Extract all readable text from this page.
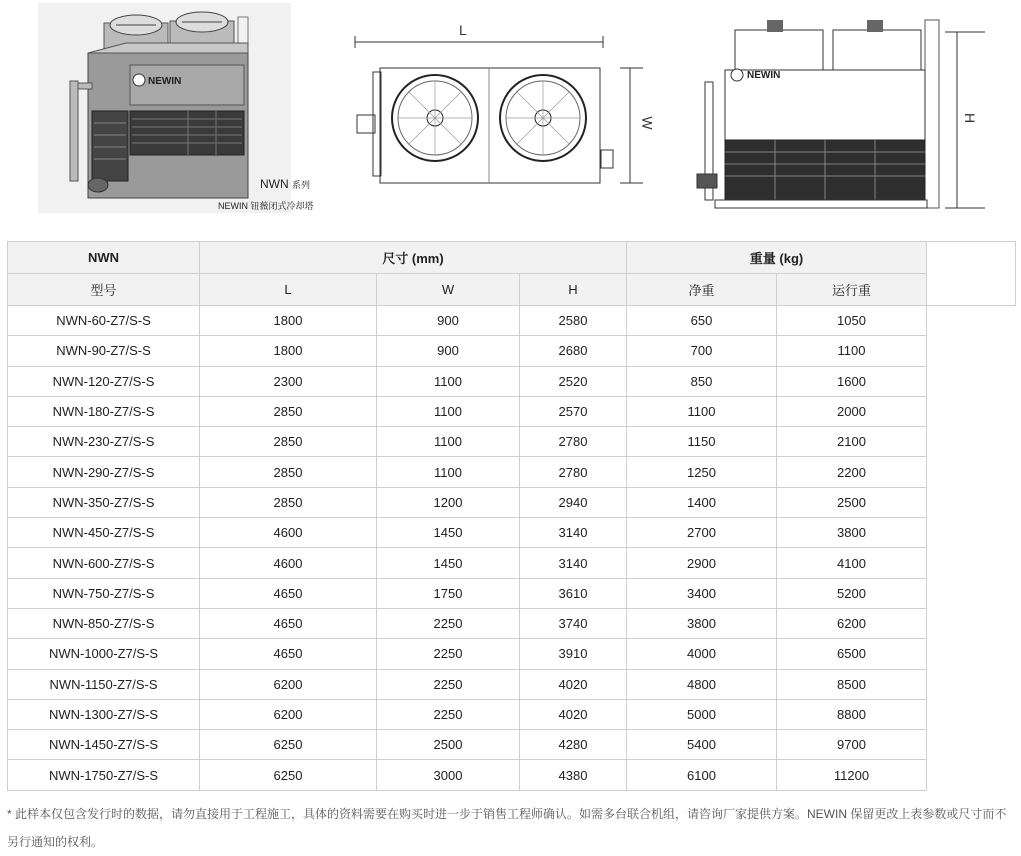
NEWIN
NWN 系列
NEWIN 钮薇闭式冷却塔
L
W
NEWIN
H
NWN	尺寸 (mm)			重量 (kg)		
型号	L	W	H	净重	运行重	
NWN-60-Z7/S-S	1800	900	2580	650	1050	
NWN-90-Z7/S-S	1800	900	2680	700	1100	
NWN-120-Z7/S-S	2300	1100	2520	850	1600	
NWN-180-Z7/S-S	2850	1100	2570	1100	2000	
NWN-230-Z7/S-S	2850	1100	2780	1150	2100	
NWN-290-Z7/S-S	2850	1100	2780	1250	2200	
NWN-350-Z7/S-S	2850	1200	2940	1400	2500	
NWN-450-Z7/S-S	4600	1450	3140	2700	3800	
NWN-600-Z7/S-S	4600	1450	3140	2900	4100	
NWN-750-Z7/S-S	4650	1750	3610	3400	5200	
NWN-850-Z7/S-S	4650	2250	3740	3800	6200	
NWN-1000-Z7/S-S	4650	2250	3910	4000	6500	
NWN-1150-Z7/S-S	6200	2250	4020	4800	8500	
NWN-1300-Z7/S-S	6200	2250	4020	5000	8800	
NWN-1450-Z7/S-S	6250	2500	4280	5400	9700	
NWN-1750-Z7/S-S	6250	3000	4380	6100	11200	
* 此样本仅包含发行时的数据，请勿直接用于工程施工，具体的资料需要在购买时进一步于销售工程师确认。如需多台联合机组，请咨询厂家提供方案。NEWIN 保留更改上表参数或尺寸而不另行通知的权利。
